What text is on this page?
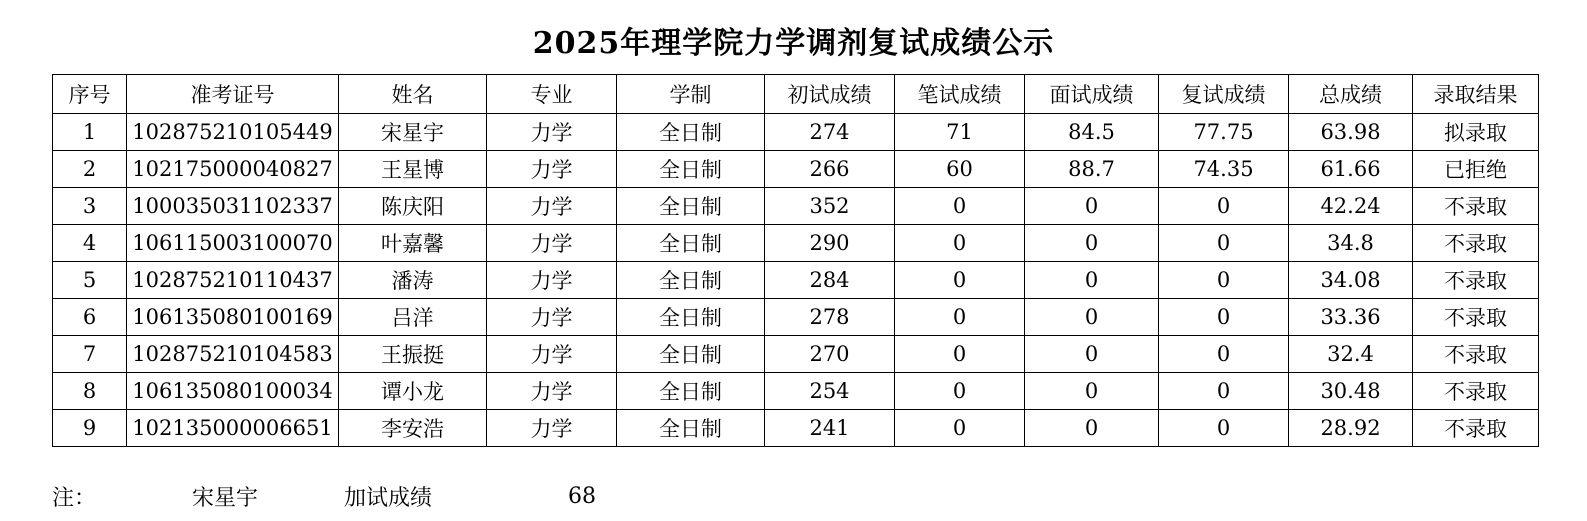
2025年理学院力学调剂复试成绩公示
序号	准考证号	姓名	专业	学制	初试成绩	笔试成绩	面试成绩	复试成绩	总成绩	录取结果
1	102875210105449	宋星宇	力学	全日制	274	71	84.5	77.75	63.98	拟录取
2	102175000040827	王星博	力学	全日制	266	60	88.7	74.35	61.66	已拒绝
3	100035031102337	陈庆阳	力学	全日制	352	0	0	0	42.24	不录取
4	106115003100070	叶嘉馨	力学	全日制	290	0	0	0	34.8	不录取
5	102875210110437	潘涛	力学	全日制	284	0	0	0	34.08	不录取
6	106135080100169	吕洋	力学	全日制	278	0	0	0	33.36	不录取
7	102875210104583	王振挺	力学	全日制	270	0	0	0	32.4	不录取
8	106135080100034	谭小龙	力学	全日制	254	0	0	0	30.48	不录取
9	102135000006651	李安浩	力学	全日制	241	0	0	0	28.92	不录取
注：	宋星宇	加试成绩	68
